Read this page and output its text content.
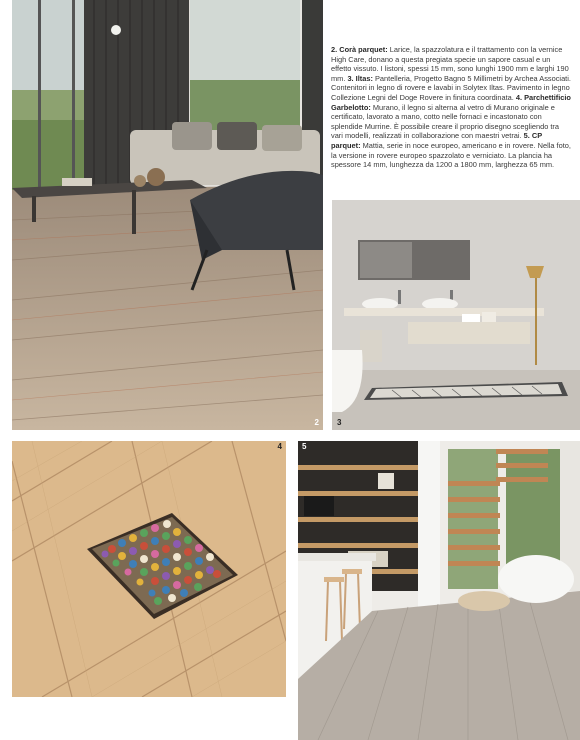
2
2. Corà parquet: Larice, la spazzolatura e il trattamento con la vernice High Care, donano a questa pregiata specie un sapore casual e un effetto vissuto. I listoni, spessi 15 mm, sono lunghi 1900 mm e larghi 190 mm. 3. Iltas: Pantelleria, Progetto Bagno 5 Millimetri by Archea Associati. Contenitori in legno di rovere e lavabi in Solytex Iltas. Pavimento in legno Collezione Legni del Doge Rovere in finitura coordinata. 4. Parchettificio Garbelotto: Murano, il legno si alterna al vetro di Murano originale e certificato, lavorato a mano, cotto nelle fornaci e incastonato con splendide Murrine. È possibile creare il proprio disegno scegliendo tra vari modelli, realizzati in collaborazione con maestri vetrai. 5. CP parquet: Mattia, serie in noce europeo, americano e in rovere. Nella foto, la versione in rovere europeo spazzolato e verniciato. La plancia ha spessore 14 mm, lunghezza da 1200 a 1800 mm, larghezza 65 mm.
3
4	5
